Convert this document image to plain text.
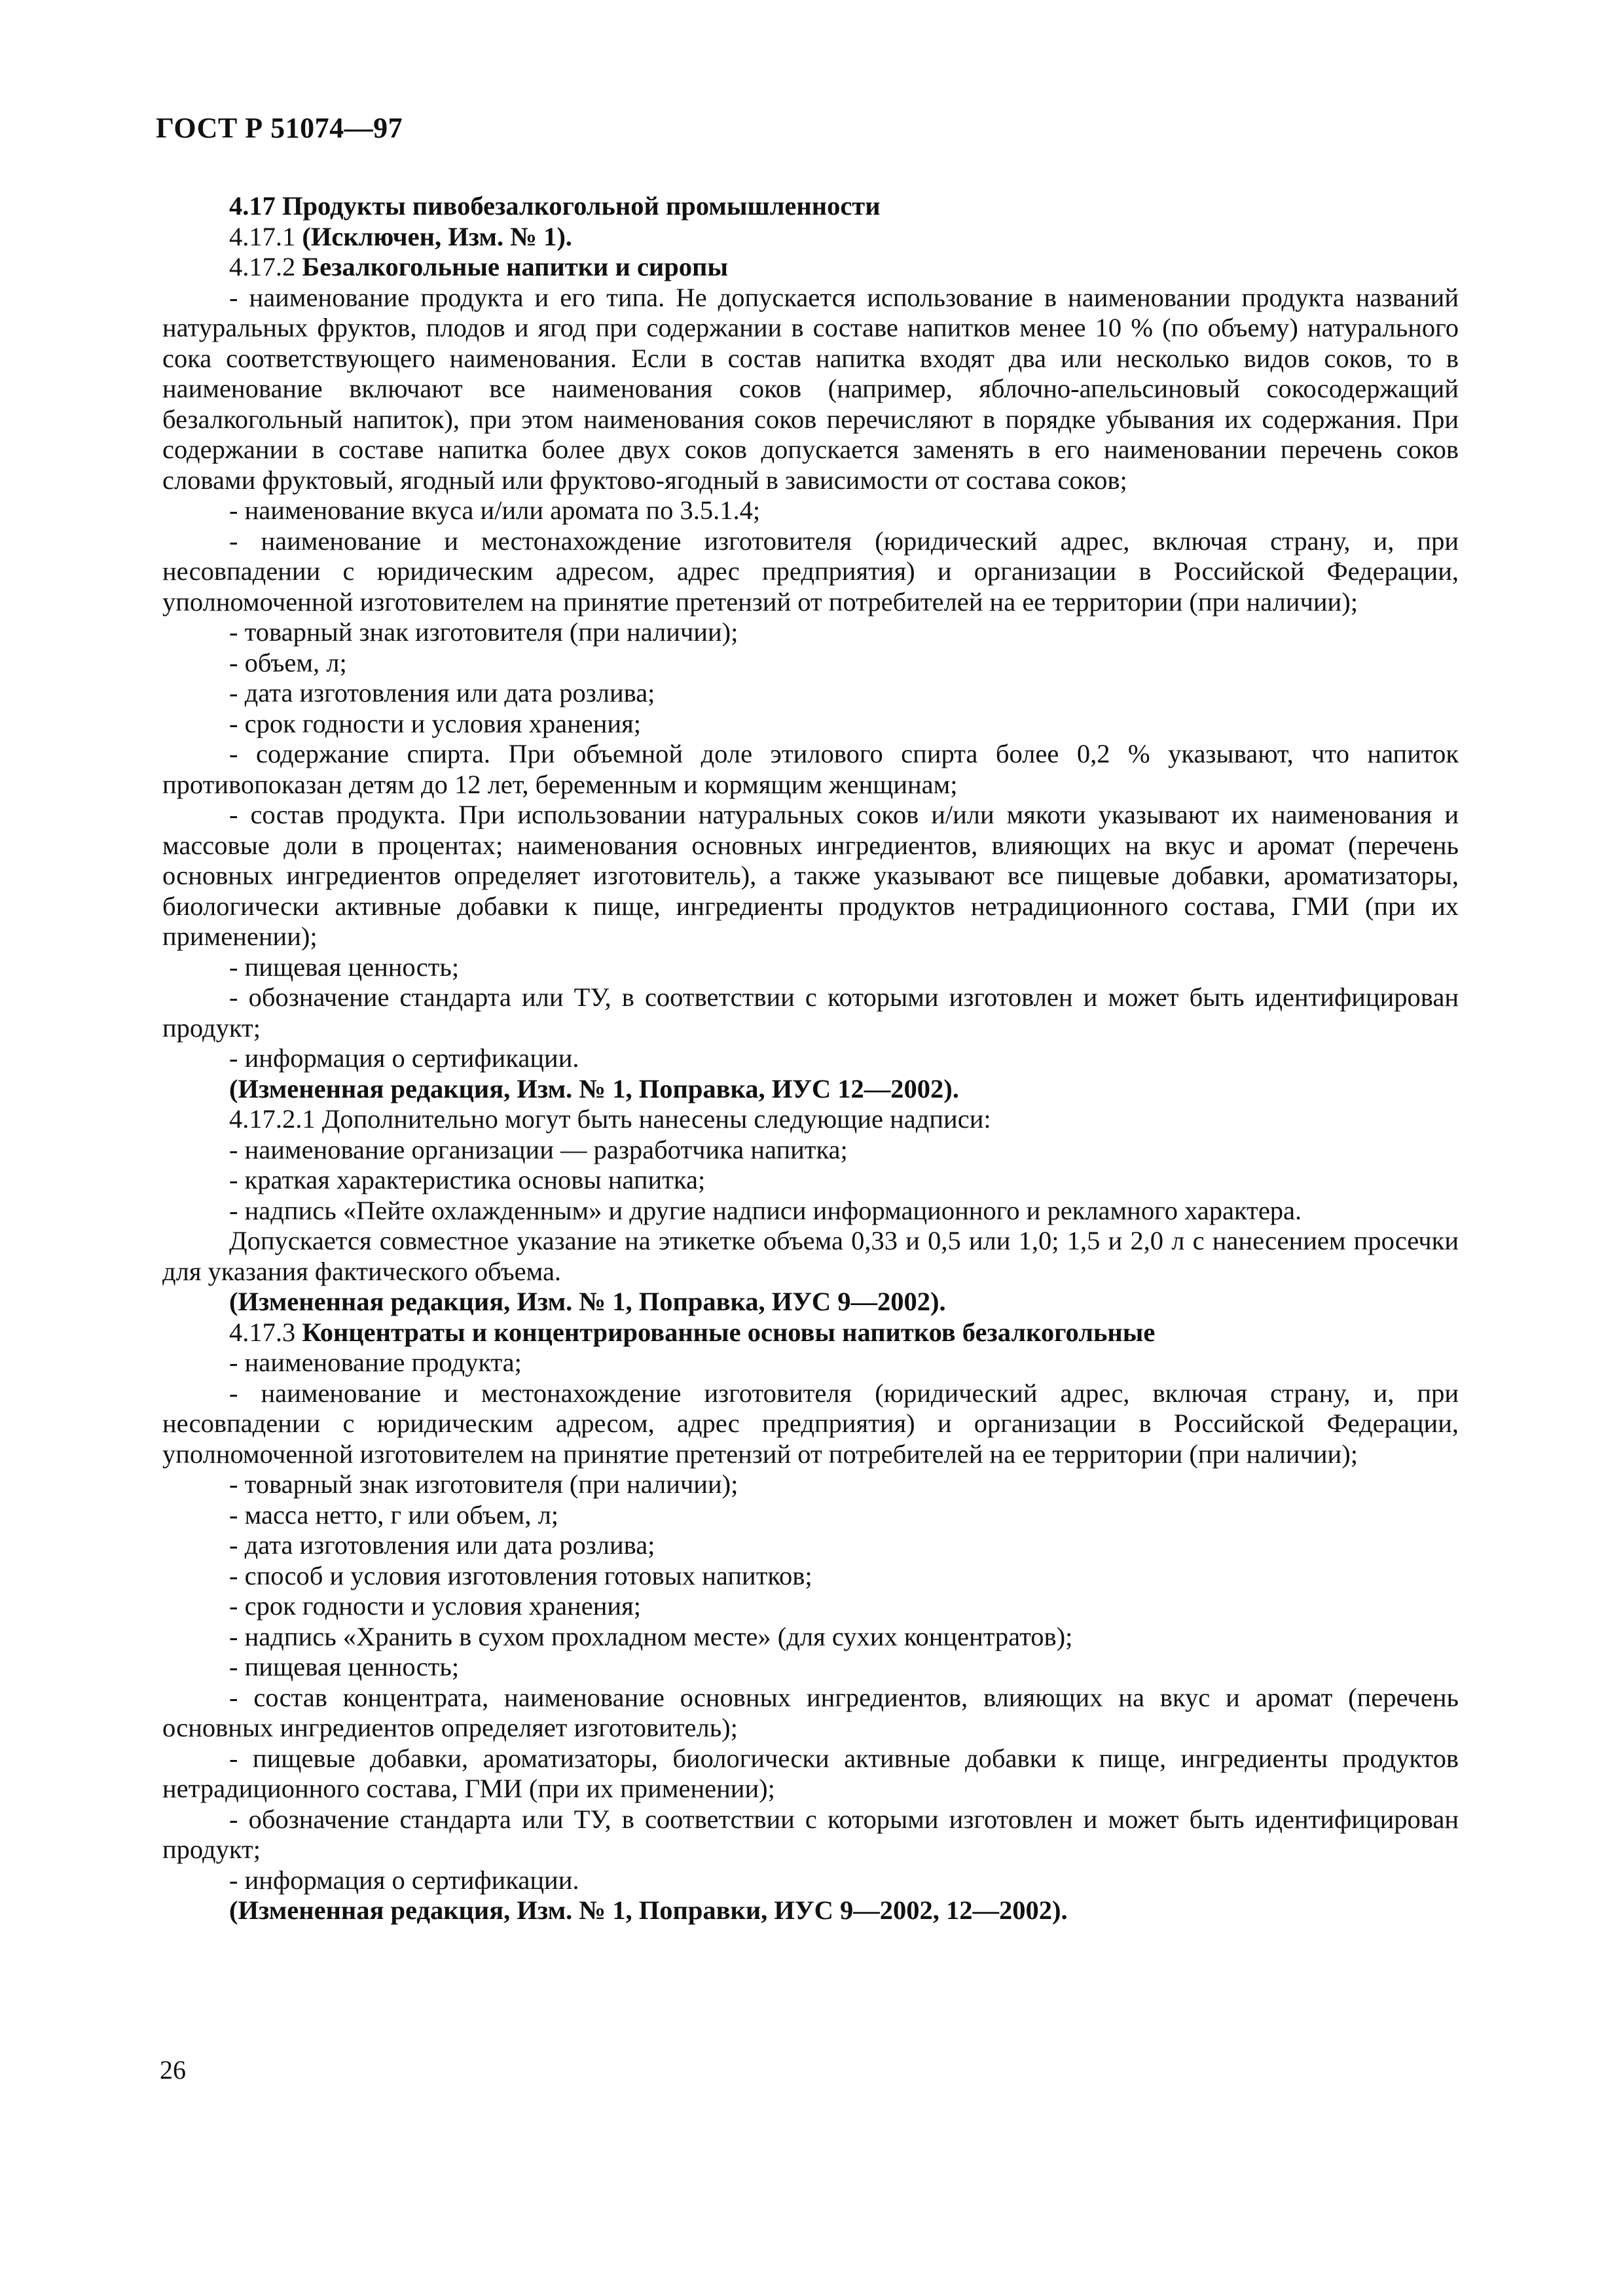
ГОСТ Р 51074—97

4.17 Продукты пивобезалкогольной промышленности

4.17.1 (Исключен, Изм. № 1).

4.17.2 Безалкогольные напитки и сиропы

- наименование продукта и его типа. Не допускается использование в наименовании продукта названий натуральных фруктов, плодов и ягод при содержании в составе напитков менее 10 % (по объему) натурального сока соответствующего наименования. Если в состав напитка входят два или несколько видов соков, то в наименование включают все наименования соков (например, яблочно-апельсиновый сокосодержащий безалкогольный напиток), при этом наименования соков перечисляют в порядке убывания их содержания. При содержании в составе напитка более двух соков допускается заменять в его наименовании перечень соков словами фруктовый, ягодный или фруктово-ягодный в зависимости от состава соков;

- наименование вкуса и/или аромата по 3.5.1.4;

- наименование и местонахождение изготовителя (юридический адрес, включая страну, и, при несовпадении с юридическим адресом, адрес предприятия) и организации в Российской Федерации, уполномоченной изготовителем на принятие претензий от потребителей на ее территории (при наличии);

- товарный знак изготовителя (при наличии);

- объем, л;

- дата изготовления или дата розлива;

- срок годности и условия хранения;

- содержание спирта. При объемной доле этилового спирта более 0,2 % указывают, что напиток противопоказан детям до 12 лет, беременным и кормящим женщинам;

- состав продукта. При использовании натуральных соков и/или мякоти указывают их наименования и массовые доли в процентах; наименования основных ингредиентов, влияющих на вкус и аромат (перечень основных ингредиентов определяет изготовитель), а также указывают все пищевые добавки, ароматизаторы, биологически активные добавки к пище, ингредиенты продуктов нетрадиционного состава, ГМИ (при их применении);

- пищевая ценность;

- обозначение стандарта или ТУ, в соответствии с которыми изготовлен и может быть идентифицирован продукт;

- информация о сертификации.

(Измененная редакция, Изм. № 1, Поправка, ИУС 12—2002).

4.17.2.1 Дополнительно могут быть нанесены следующие надписи:

- наименование организации — разработчика напитка;

- краткая характеристика основы напитка;

- надпись «Пейте охлажденным» и другие надписи информационного и рекламного характера.

Допускается совместное указание на этикетке объема 0,33 и 0,5 или 1,0; 1,5 и 2,0 л с нанесением просечки для указания фактического объема.

(Измененная редакция, Изм. № 1, Поправка, ИУС 9—2002).

4.17.3 Концентраты и концентрированные основы напитков безалкогольные

- наименование продукта;

- наименование и местонахождение изготовителя (юридический адрес, включая страну, и, при несовпадении с юридическим адресом, адрес предприятия) и организации в Российской Федерации, уполномоченной изготовителем на принятие претензий от потребителей на ее территории (при наличии);

- товарный знак изготовителя (при наличии);

- масса нетто, г или объем, л;

- дата изготовления или дата розлива;

- способ и условия изготовления готовых напитков;

- срок годности и условия хранения;

- надпись «Хранить в сухом прохладном месте» (для сухих концентратов);

- пищевая ценность;

- состав концентрата, наименование основных ингредиентов, влияющих на вкус и аромат (перечень основных ингредиентов определяет изготовитель);

- пищевые добавки, ароматизаторы, биологически активные добавки к пище, ингредиенты продуктов нетрадиционного состава, ГМИ (при их применении);

- обозначение стандарта или ТУ, в соответствии с которыми изготовлен и может быть идентифицирован продукт;

- информация о сертификации.

(Измененная редакция, Изм. № 1, Поправки, ИУС 9—2002, 12—2002).

26
